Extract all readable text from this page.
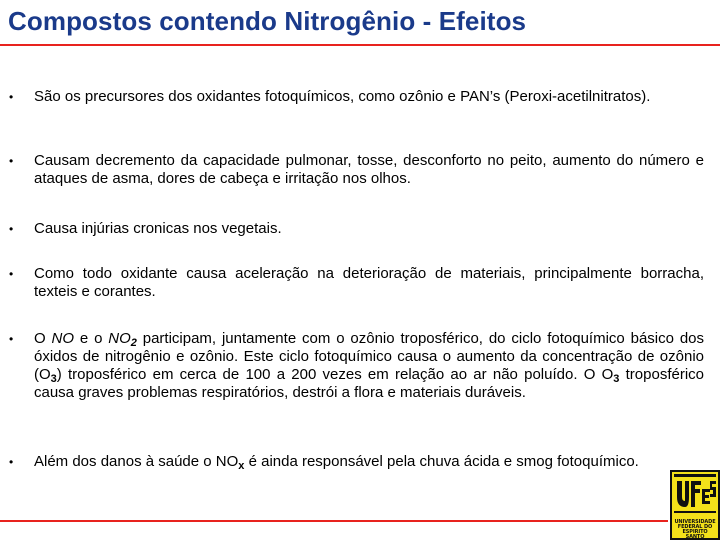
Compostos contendo Nitrogênio - Efeitos
• São os precursores dos oxidantes fotoquímicos, como ozônio e PAN’s (Peroxi-acetilnitratos).
• Causam decremento da capacidade pulmonar, tosse, desconforto no peito, aumento do número e ataques de asma, dores de cabeça e irritação nos olhos.
• Causa injúrias cronicas nos vegetais.
• Como todo oxidante causa aceleração na deterioração de materiais, principalmente borracha, texteis e corantes.
• O NO e o $NO_2$ participam, juntamente com o ozônio troposférico, do ciclo fotoquímico básico dos óxidos de nitrogênio e ozônio. Este ciclo fotoquímico causa o aumento da concentração de ozônio $(O_3)$ troposférico em cerca de 100 a 200 vezes em relação ao ar não poluído. O $O_3$ troposférico causa graves problemas respiratórios, destrói a flora e materiais duráveis.
• Além dos danos à saúde o $NO_x$ é ainda responsável pela chuva ácida e smog fotoquímico.
UNIVERSIDADE
FEDERAL DO
ESPIRITO SANTO
